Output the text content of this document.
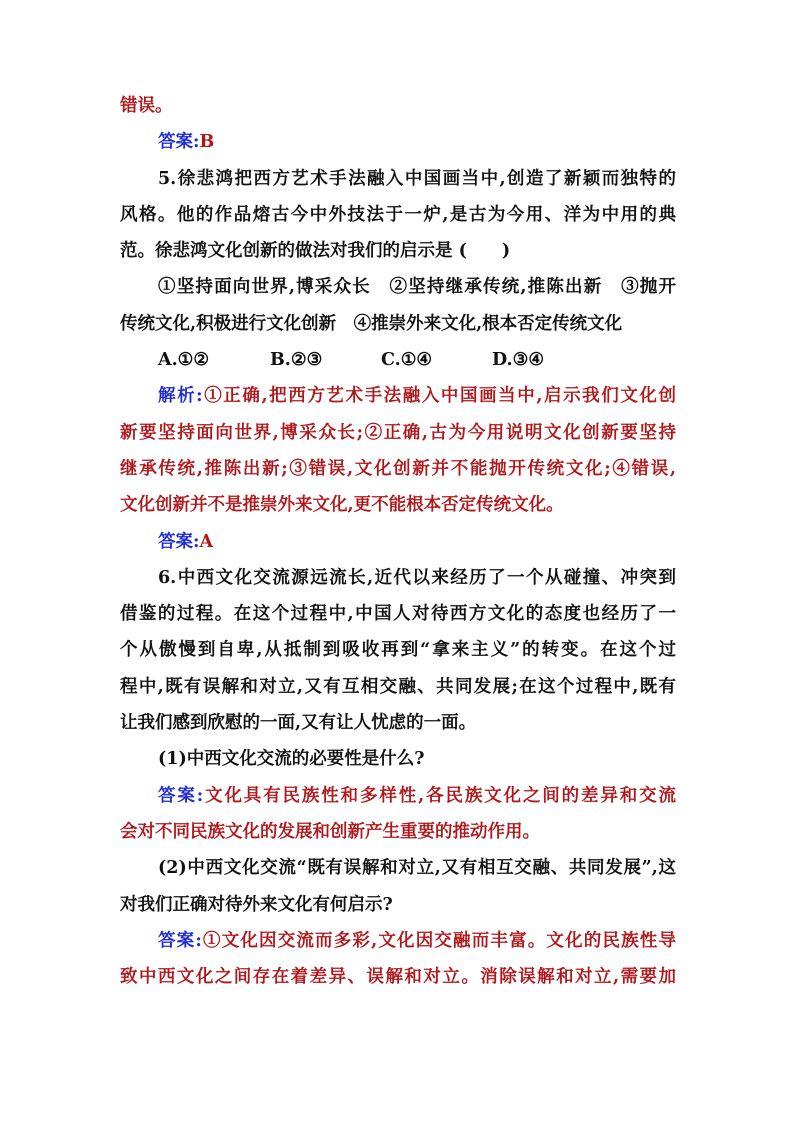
错误。
答案:B
5.徐悲鸿把西方艺术手法融入中国画当中,创造了新颖而独特的
风格。他的作品熔古今中外技法于一炉,是古为今用、洋为中用的典
范。徐悲鸿文化创新的做法对我们的启示是 (　　)
①坚持面向世界,博采众长　②坚持继承传统,推陈出新　③抛开
传统文化,积极进行文化创新　④推崇外来文化,根本否定传统文化
A.①②	B.②③	C.①④	D.③④
解析:①正确,把西方艺术手法融入中国画当中,启示我们文化创
新要坚持面向世界,博采众长;②正确,古为今用说明文化创新要坚持
继承传统,推陈出新;③错误,文化创新并不能抛开传统文化;④错误,
文化创新并不是推崇外来文化,更不能根本否定传统文化。
答案:A
6.中西文化交流源远流长,近代以来经历了一个从碰撞、冲突到
借鉴的过程。在这个过程中,中国人对待西方文化的态度也经历了一
个从傲慢到自卑,从抵制到吸收再到“拿来主义”的转变。在这个过
程中,既有误解和对立,又有互相交融、共同发展;在这个过程中,既有
让我们感到欣慰的一面,又有让人忧虑的一面。
(1)中西文化交流的必要性是什么?
答案:文化具有民族性和多样性,各民族文化之间的差异和交流
会对不同民族文化的发展和创新产生重要的推动作用。
(2)中西文化交流“既有误解和对立,又有相互交融、共同发展”,这
对我们正确对待外来文化有何启示?
答案:①文化因交流而多彩,文化因交融而丰富。文化的民族性导
致中西文化之间存在着差异、误解和对立。消除误解和对立,需要加
